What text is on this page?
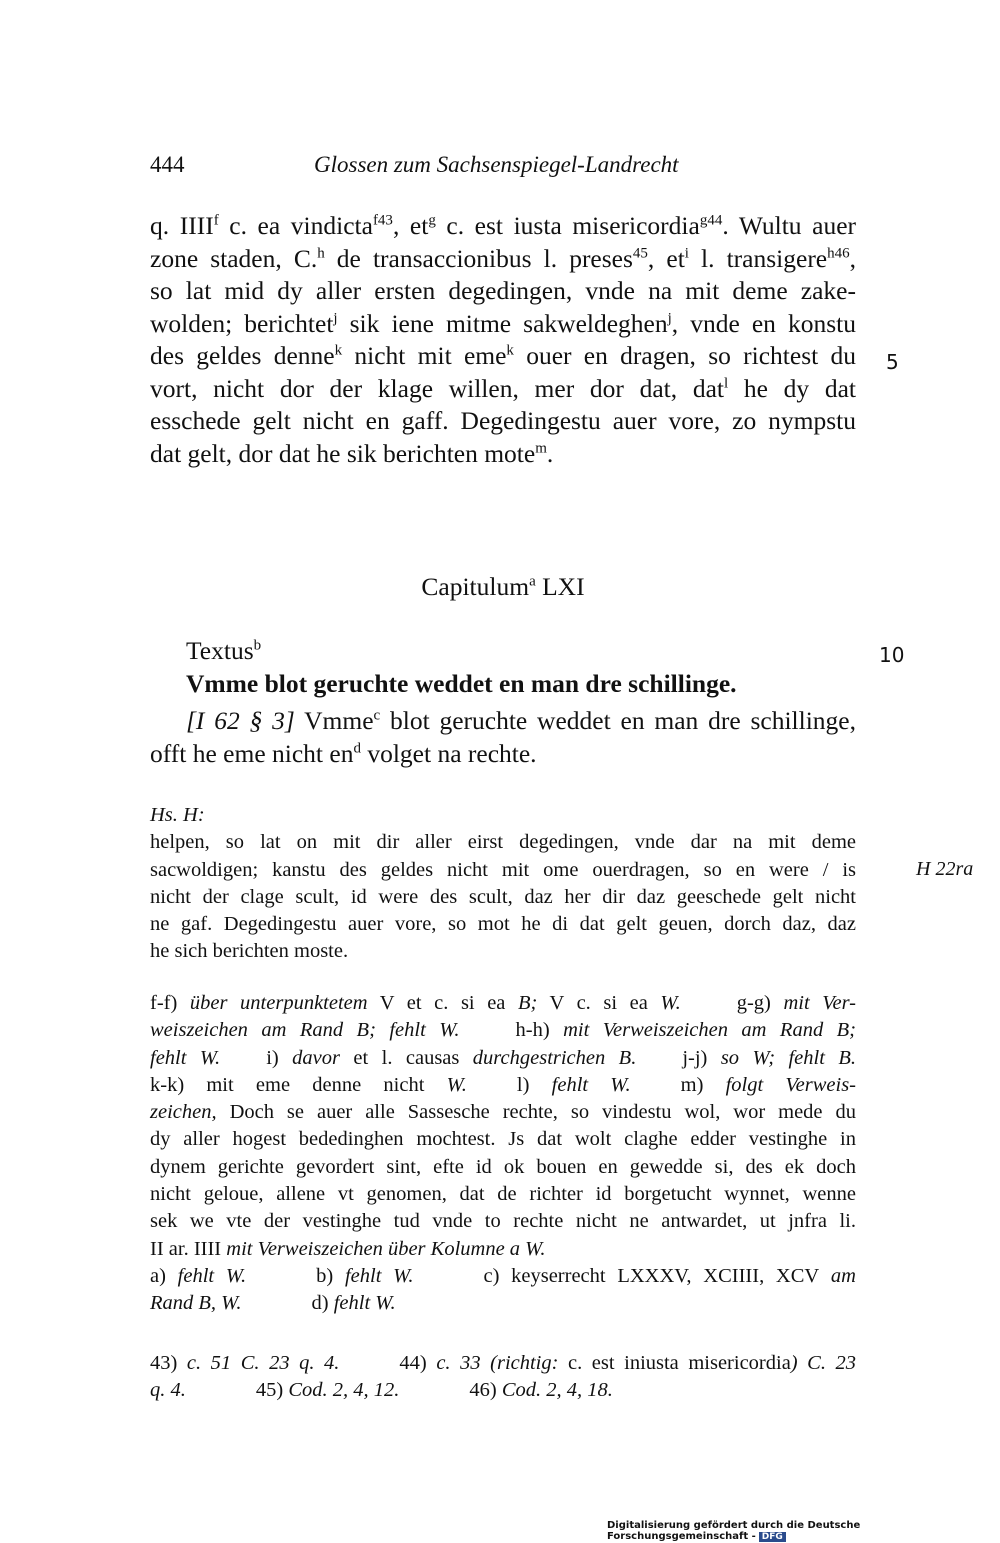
444	Glossen zum Sachsenspiegel-Landrecht

q. IIII$^f$ c. ea vindicta$^{f43}$, $et^g$ c. est iusta misericordia$^{g44}$. Wultu auer

zone staden, C.$^h$ de transaccionibus l. preses$^{45}$, $et^i$ l. transigere$^{h46}$,

so lat mid dy aller ersten degedingen, vnde na mit deme zake-

wolden; berichtet$^j$ sik iene mitme sakweldeghen$^j$, vnde en konstu

des geldes denne$^k$ nicht mit eme$^k$ ouer en dragen, so richtest du

vort, nicht dor der klage willen, mer dor dat, dat$^l$ he dy dat

esschede gelt nicht en gaff. Degedingestu auer vore, zo nympstu

dat gelt, dor dat he sik berichten mote$^m$.

5
Capitulum$^a$ LXI
Textus$^b$	10
Vmme blot geruchte weddet en man dre schillinge.
[I 62 § 3] Vmme$^c$ blot geruchte weddet en man dre schillinge,
offt he eme nicht $en^d$ volget na rechte.
Hs. H:
helpen, so lat on mit dir aller eirst degedingen, vnde dar na mit deme
sacwoldigen; kanstu des geldes nicht mit ome ouerdragen, so en were / is
nicht der clage scult, id were des scult, daz her dir daz geeschede gelt nicht
ne gaf. Degedingestu auer vore, so mot he di dat gelt geuen, dorch daz, daz
he sich berichten moste.
H 22ra
f-f) über unterpunktetem V et c. si ea B; V c. si ea W.	g-g) mit Ver-
weiszeichen am Rand B; fehlt W.	h-h) mit Verweiszeichen am Rand B;
fehlt W. i) davor et l. causas durchgestrichen B. j-j) so W; fehlt B.
k-k) mit eme denne nicht W. l) fehlt W. m) folgt Verweis-
zeichen, Doch se auer alle Sassesche rechte, so vindestu wol, wor mede du
dy aller hogest bededinghen mochtest. Js dat wolt claghe edder vestinghe in
dynem gerichte gevordert sint, efte id ok bouen en gewedde si, des ek doch
nicht geloue, allene vt genomen, dat de richter id borgetucht wynnet, wenne
sek we vte der vestinghe tud vnde to rechte nicht ne antwardet, ut jnfra li.
II ar. IIII mit Verweiszeichen über Kolumne a W.
a) fehlt W.	b) fehlt W.	c) keyserrecht LXXXV, XCIIII, XCV am
Rand B, W.	d) fehlt W.
43) c. 51 C. 23 q. 4.	44) c. 33 (richtig: c. est iniusta misericordia) C. 23
q. 4.	45) Cod. 2, 4, 12.	46) Cod. 2, 4, 18.
Digitalisierung gefördert durch die Deutsche Forschungsgemeinschaft - DFG
